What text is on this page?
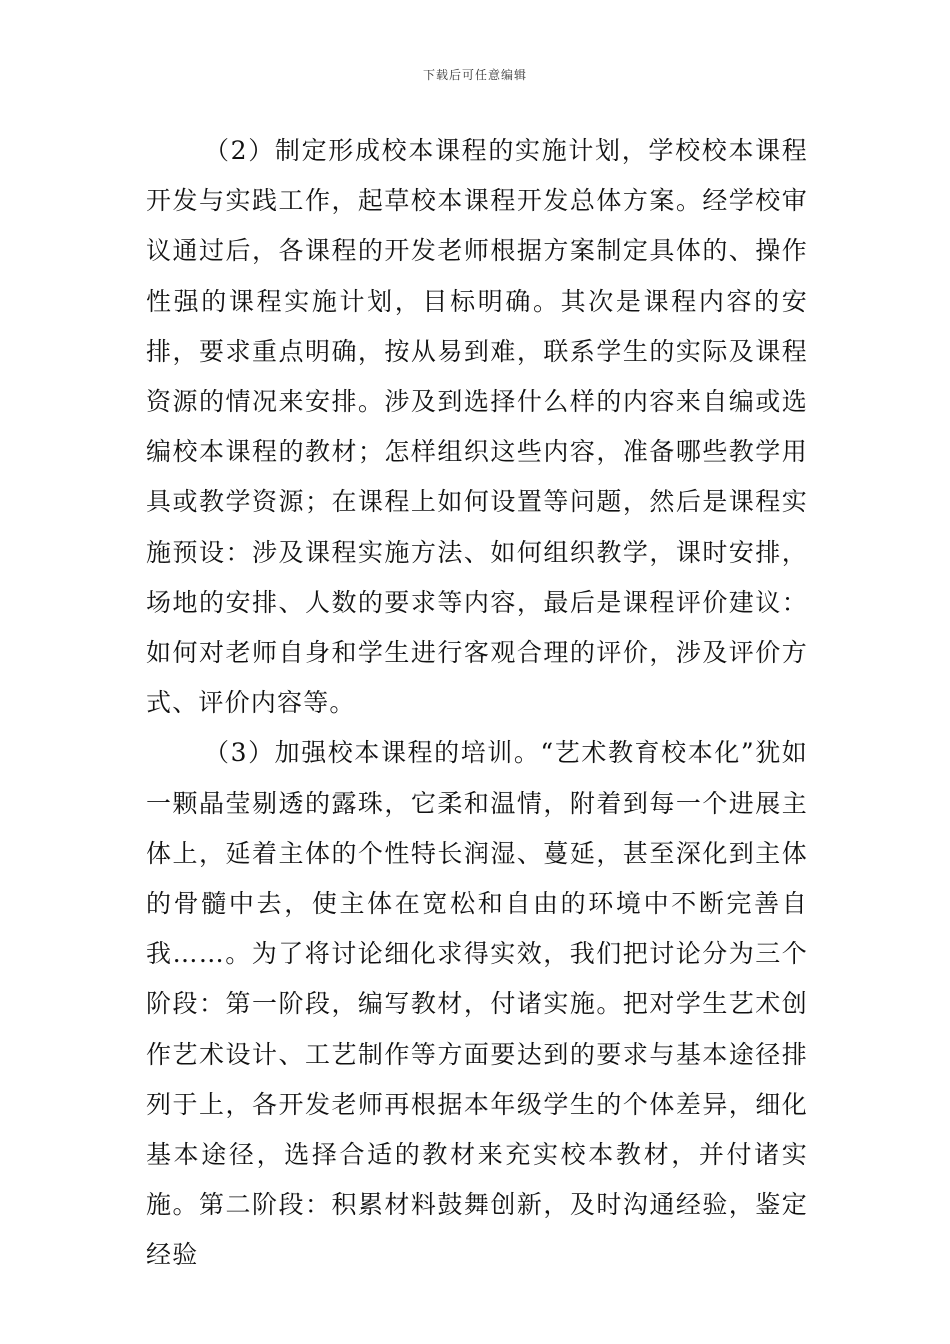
下载后可任意编辑

（2）制定形成校本课程的实施计划，学校校本课程开发与实践工作，起草校本课程开发总体方案。经学校审议通过后，各课程的开发老师根据方案制定具体的、操作性强的课程实施计划，目标明确。其次是课程内容的安排，要求重点明确，按从易到难，联系学生的实际及课程资源的情况来安排。涉及到选择什么样的内容来自编或选编校本课程的教材；怎样组织这些内容，准备哪些教学用具或教学资源；在课程上如何设置等问题，然后是课程实施预设：涉及课程实施方法、如何组织教学，课时安排，场地的安排、人数的要求等内容，最后是课程评价建议：如何对老师自身和学生进行客观合理的评价，涉及评价方式、评价内容等。

（3）加强校本课程的培训。“艺术教育校本化”犹如一颗晶莹剔透的露珠，它柔和温情，附着到每一个进展主体上，延着主体的个性特长润湿、蔓延，甚至深化到主体的骨髓中去，使主体在宽松和自由的环境中不断完善自我……。为了将讨论细化求得实效，我们把讨论分为三个阶段：第一阶段，编写教材，付诸实施。把对学生艺术创作艺术设计、工艺制作等方面要达到的要求与基本途径排列于上，各开发老师再根据本年级学生的个体差异，细化基本途径，选择合适的教材来充实校本教材，并付诸实施。第二阶段：积累材料鼓舞创新，及时沟通经验，鉴定经验
